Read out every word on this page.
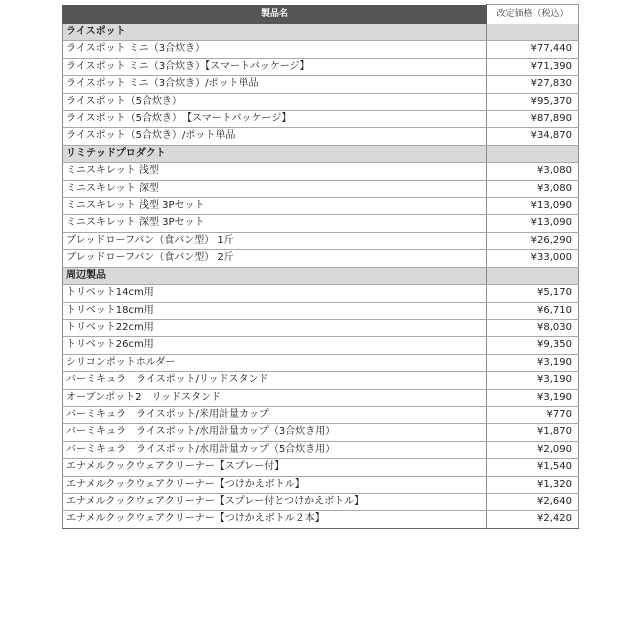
製品名	改定価格（税込）
ライスポット	
ライスポット ミニ（3合炊き）	¥77,440
ライスポット ミニ（3合炊き）【スマートパッケージ】	¥71,390
ライスポット ミニ（3合炊き）/ポット単品	¥27,830
ライスポット（5合炊き）	¥95,370
ライスポット（5合炊き）　【スマートパッケージ】	¥87,890
ライスポット（5合炊き）/ポット単品	¥34,870
リミテッドプロダクト	
ミニスキレット 浅型	¥3,080
ミニスキレット 深型	¥3,080
ミニスキレット 浅型 3Pセット	¥13,090
ミニスキレット 深型 3Pセット	¥13,090
ブレッドローフパン（食パン型） 1斤	¥26,290
ブレッドローフパン（食パン型） 2斤	¥33,000
周辺製品	
トリベット14cm用	¥5,170
トリベット18cm用	¥6,710
トリベット22cm用	¥8,030
トリベット26cm用	¥9,350
シリコンポットホルダー	¥3,190
バーミキュラ　ライスポット/リッドスタンド	¥3,190
オーブンポット2　リッドスタンド	¥3,190
バーミキュラ　ライスポット/米用計量カップ	¥770
バーミキュラ　ライスポット/水用計量カップ（3合炊き用）	¥1,870
バーミキュラ　ライスポット/水用計量カップ（5合炊き用）	¥2,090
エナメルクックウェアクリーナー【スプレー付】	¥1,540
エナメルクックウェアクリーナー【つけかえボトル】	¥1,320
エナメルクックウェアクリーナー【スプレー付とつけかえボトル】	¥2,640
エナメルクックウェアクリーナー【つけかえボトル２本】	¥2,420
